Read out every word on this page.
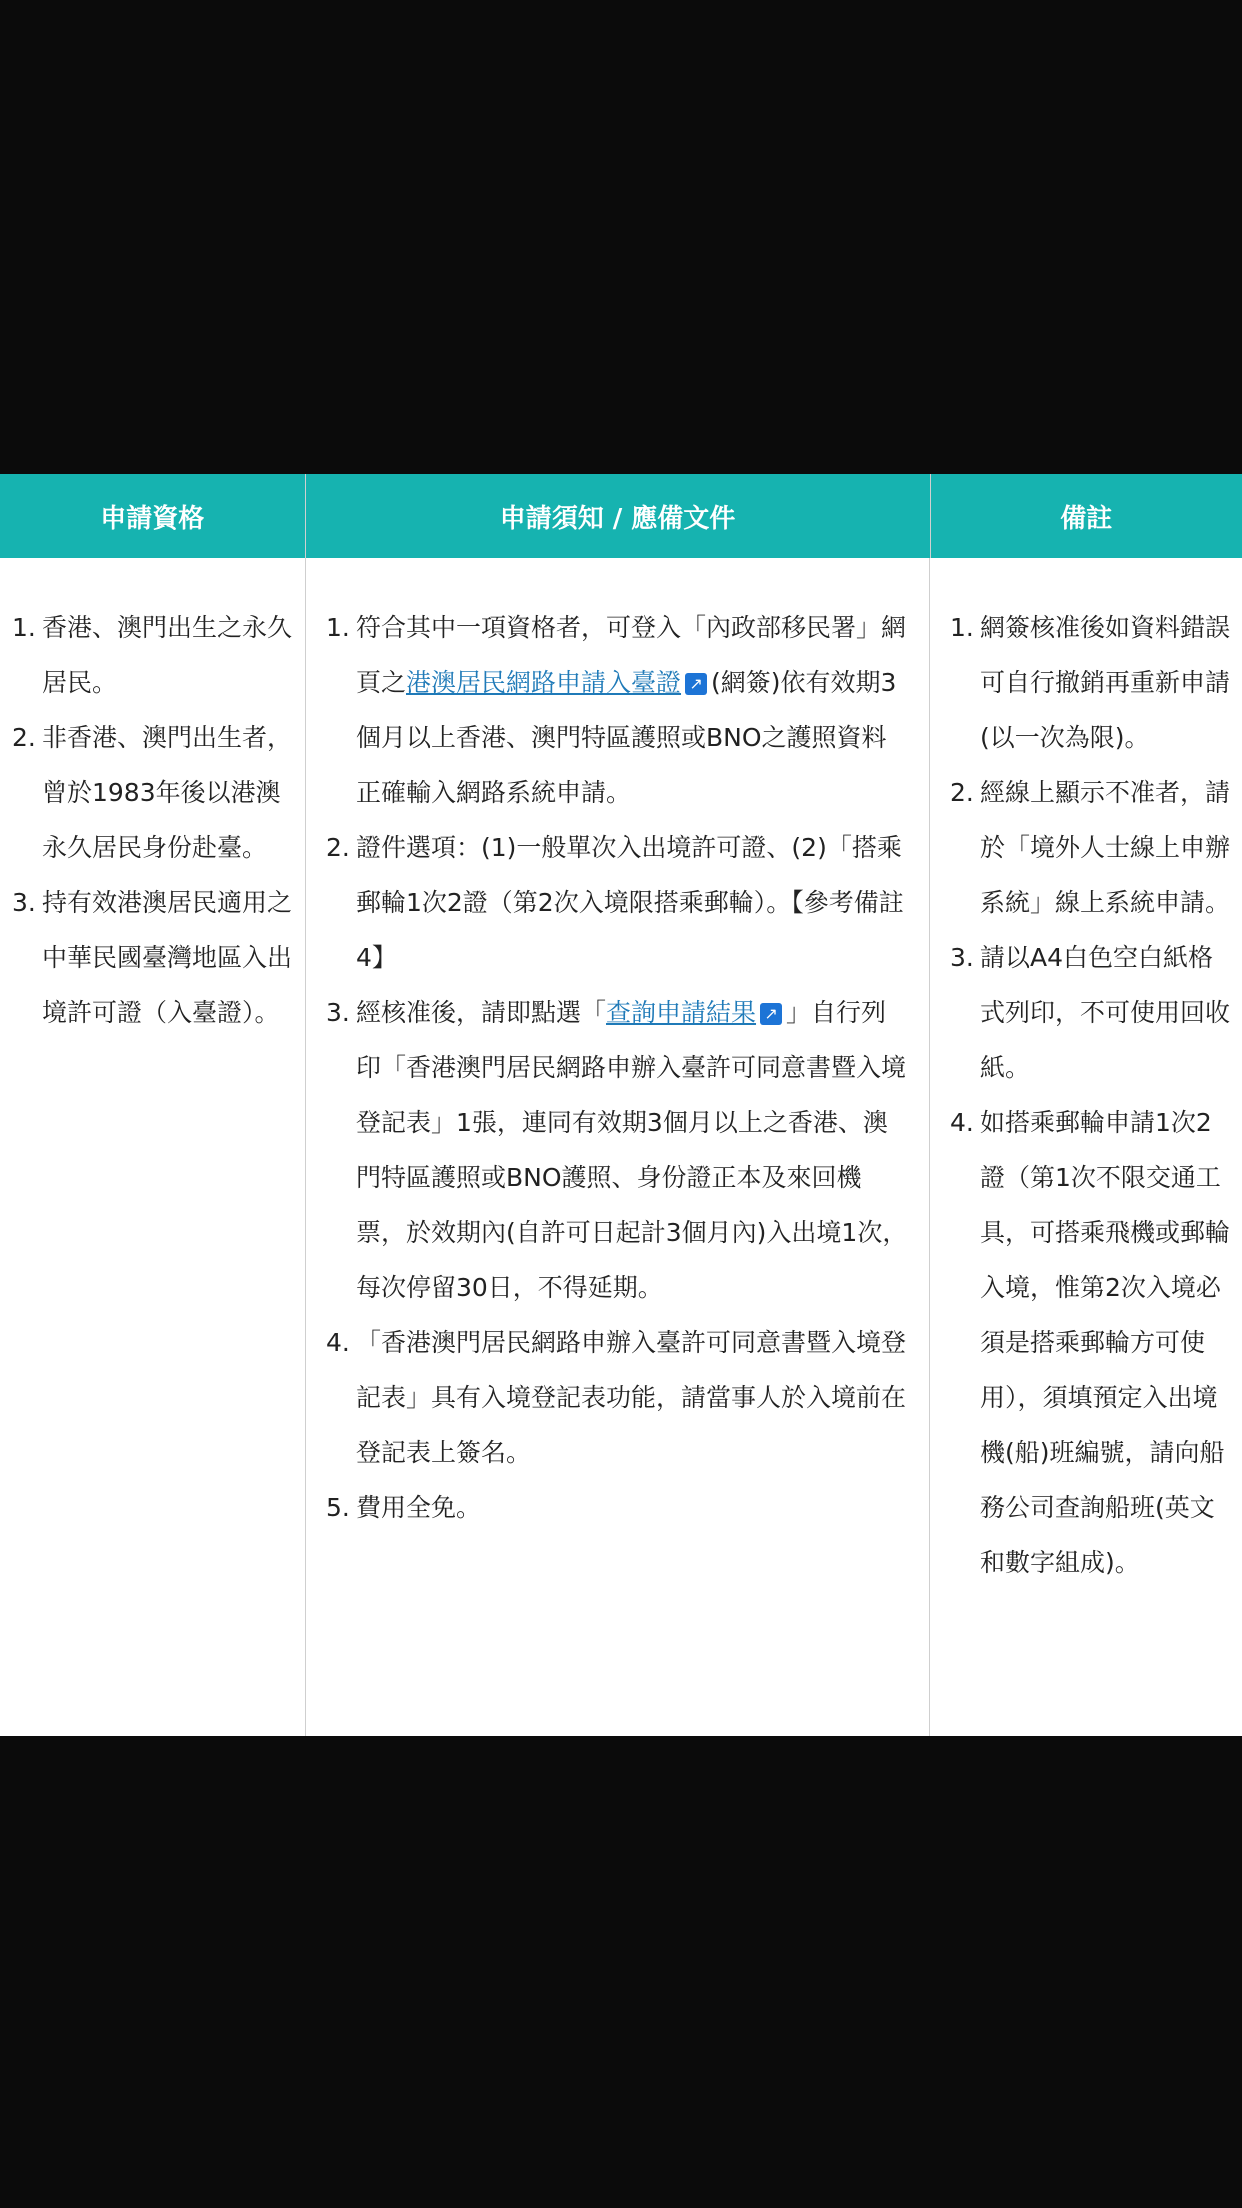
申請資格	申請須知 / 應備文件	備註
1. 香港、澳門出生之永久居民。
2. 非香港、澳門出生者，曾於1983年後以港澳永久居民身份赴臺。
3. 持有效港澳居民適用之中華民國臺灣地區入出境許可證（入臺證）。
1. 符合其中一項資格者，可登入「內政部移民署」網頁之港澳居民網路申請入臺證 ↗ (網簽)依有效期3個月以上香港、澳門特區護照或BNO之護照資料正確輸入網路系統申請。
2. 證件選項：(1)一般單次入出境許可證、(2)「搭乘郵輪1次2證（第2次入境限搭乘郵輪）。【參考備註4】
3. 經核准後，請即點選「查詢申請結果 ↗ 」自行列印「香港澳門居民網路申辦入臺許可同意書暨入境登記表」1張，連同有效期3個月以上之香港、澳門特區護照或BNO護照、身份證正本及來回機票，於效期內(自許可日起計3個月內)入出境1次，每次停留30日，不得延期。
4. 「香港澳門居民網路申辦入臺許可同意書暨入境登記表」具有入境登記表功能，請當事人於入境前在登記表上簽名。
5. 費用全免。
1. 網簽核准後如資料錯誤可自行撤銷再重新申請(以一次為限)。
2. 經線上顯示不准者，請於「境外人士線上申辦系統」線上系統申請。
3. 請以A4白色空白紙格式列印，不可使用回收紙。
4. 如搭乘郵輪申請1次2證（第1次不限交通工具，可搭乘飛機或郵輪入境，惟第2次入境必須是搭乘郵輪方可使用），須填預定入出境機(船)班編號，請向船務公司查詢船班(英文和數字組成)。
